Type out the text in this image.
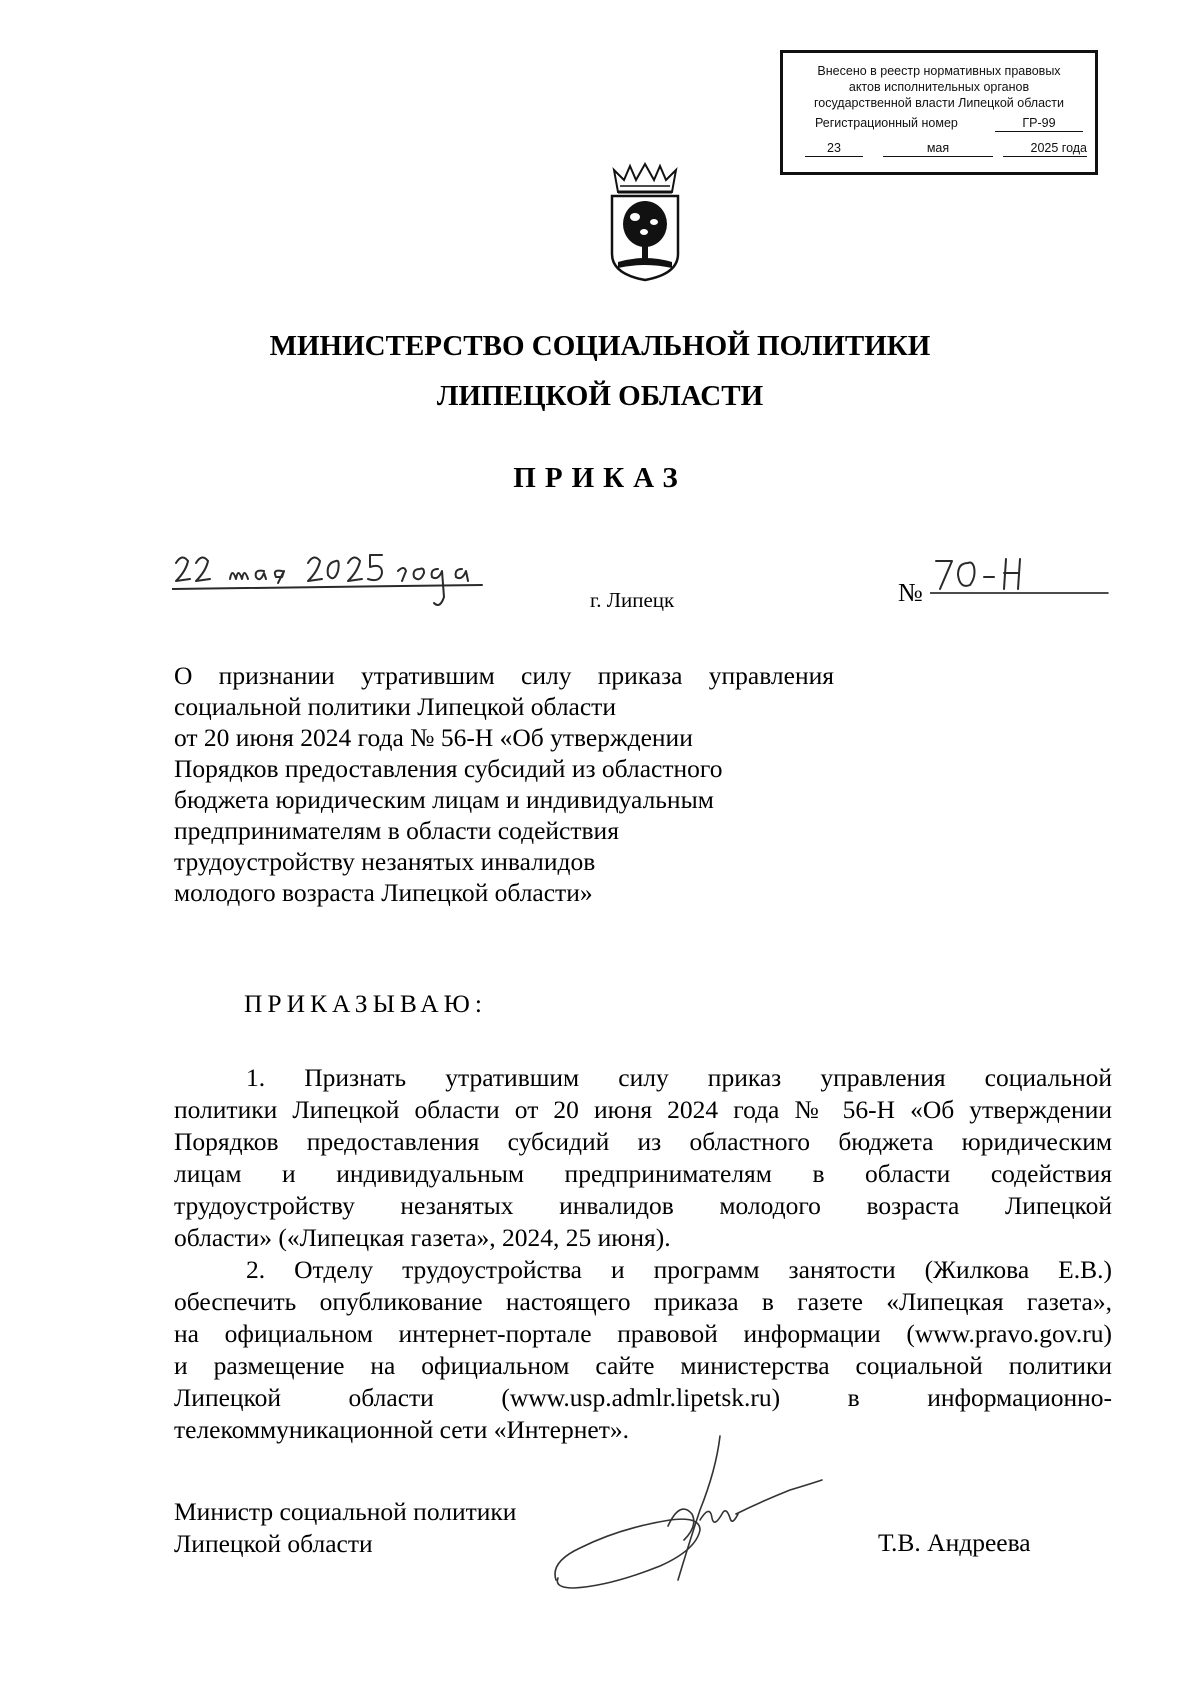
Внесено в реестр нормативных правовых
актов исполнительных органов
государственной власти Липецкой области
Регистрационный номер	ГР-99
23	мая	2025 года
МИНИСТЕРСТВО СОЦИАЛЬНОЙ ПОЛИТИКИ
ЛИПЕЦКОЙ ОБЛАСТИ
ПРИКАЗ
г. Липецк	№
О признании утратившим силу приказа управления
социальной политики Липецкой области
от 20 июня 2024 года № 56-Н «Об утверждении
Порядков предоставления субсидий из областного
бюджета юридическим лицам и индивидуальным
предпринимателям в области содействия
трудоустройству незанятых инвалидов
молодого возраста Липецкой области»
ПРИКАЗЫВАЮ:
1. Признать утратившим силу приказ управления социальной
политики Липецкой области от 20 июня 2024 года № 56-Н «Об утверждении
Порядков предоставления субсидий из областного бюджета юридическим
лицам и индивидуальным предпринимателям в области содействия
трудоустройству незанятых инвалидов молодого возраста Липецкой
области» («Липецкая газета», 2024, 25 июня).
2. Отделу трудоустройства и программ занятости (Жилкова Е.В.)
обеспечить опубликование настоящего приказа в газете «Липецкая газета»,
на официальном интернет-портале правовой информации (www.pravo.gov.ru)
и размещение на официальном сайте министерства социальной политики
Липецкой области (www.usp.admlr.lipetsk.ru) в информационно-
телекоммуникационной сети «Интернет».
Министр социальной политики
Липецкой области	Т.В. Андреева
